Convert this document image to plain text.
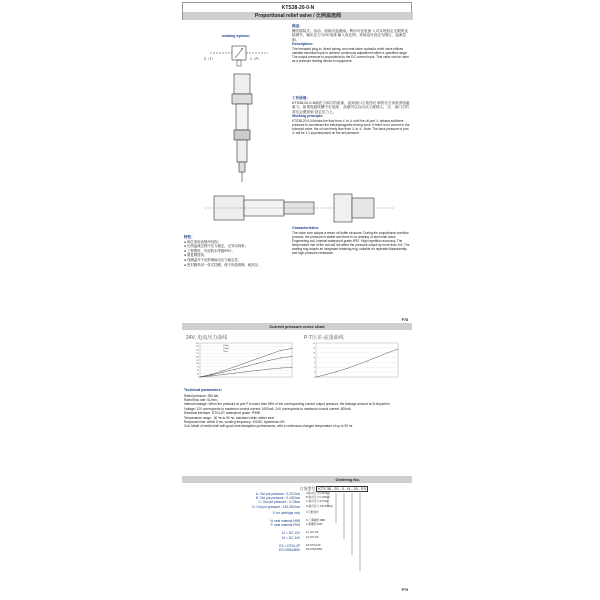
KTS38-20-0-N
Proportional relief valve / 比例溢流阀
working symbol:
2（T）	1（P）
描述：
螺纹插装式、直动、座阀式溢流阀。利用可变电流 入可实现恒定无限的连续调节。输出压力与DC电流 输入成比例，该阀也可设定为限压、溢流控制。
Description:
The threaded plug-in, direct acting, and seat valve hydraulic relief valve utilizes variable electrical input to achieve continuous adjustment within a specified range. The output pressure is proportional to the DC current input. This valve can be used as a pressure limiting device in equipment.
工作原理：
KTS38-20-0-N阀在①和②的闭塞，直到油口①获得足 够的压力来抵消电磁驱力。如果电磁线圈中无电流， 油液可以自由从①流到②。 注：油口②的背压会叠加到 设定压力上。
Working principle:
KTS38-20-0-N blocks the flow from ① to ② until the oil port ① obtains sufficient pressure to counteract the electromagnetic driving force. If there is no current in the solenoid valve, the oil can freely flow from ① to ②. Note: The back pressure of port ② will be 1:1 superimposed on the set pressure.
特性：
● 阀芯采用油缓冲结构；
● 比例溢流过程中压力稳定，无异动现象；
● 工程塑料，内部防水等级IP67；
● 重复精度高；
● 线圈温升不应影响输出压力稳定性；
● 密封圈采用一体式挡圈，便于拆装维修，耐高压；
Characteristics:
The valve core adopts a return oil buffer structure. During the proportional overflow process, the pressure is stable and there is no shaking or abnormal noise. Engineering coil, internal waterproof grade IP67. High repetition accuracy. The temperature rise of the coil will not affect the pressure output by more than 4%. The sealing ring adopts an integrated retaining ring, suitable for repeated disassembly and high pressure resistance.
P78
Current pressure curve chart
24V, 电流压力曲线
250
225
200
175
150
125
100
75
50
25
0
210bar
150bar
70bar
P-T压差-流量曲线
14
12
10
8
6
4
2
0
Technical parameters:
Rated pressure: 350 bar,
Rated flow rate: 5L/min,
Internal leakage: When the pressure at port P is lower than 85% of the corresponding current output pressure, the leakage amount is<5 drops/min
Voltage: 12V corresponds to maximum control current: 1600mA, 24V corresponds to maximum control current: 800mA
Electrical interface: DT04-2P, waterproof grade: IP69K
Temperature range: -30 ℃ to 90 ℃, standard nitrile rubber seal
Response time: within 5 ms, working frequency: 100HZ, hysteresis<4%
Coil: Made of metal shell with good heat dissipation performance, with a continuous charged temperature of up to 90 ℃
Ordering No.
订货型号 KTS 38 - 20 - 0 - N - 24 - EX
A: Out put pressure : 0-210 bar
B: Out put pressure : 0-150 bar
C: Out put pressure : 0-70bar
D: Out put pressure : 140-350 bar
0: for cartridge only
N: seal material NBR
F: seal material FKM
12 = DC 12V
24 = DC 24V
EX = DT04-2P
EG=DIN43650
A 输出压力:0-210bar
B 输出压力:0-150bar
C 输出压力:0-70bar
D 输出压力:140-350bar
0 只配阀件
N 丁腈橡胶 NBR
F 氟橡胶 FKM
12 12V DC
24 24V DC
EX DT04-2P
EG DIN43650
P79
